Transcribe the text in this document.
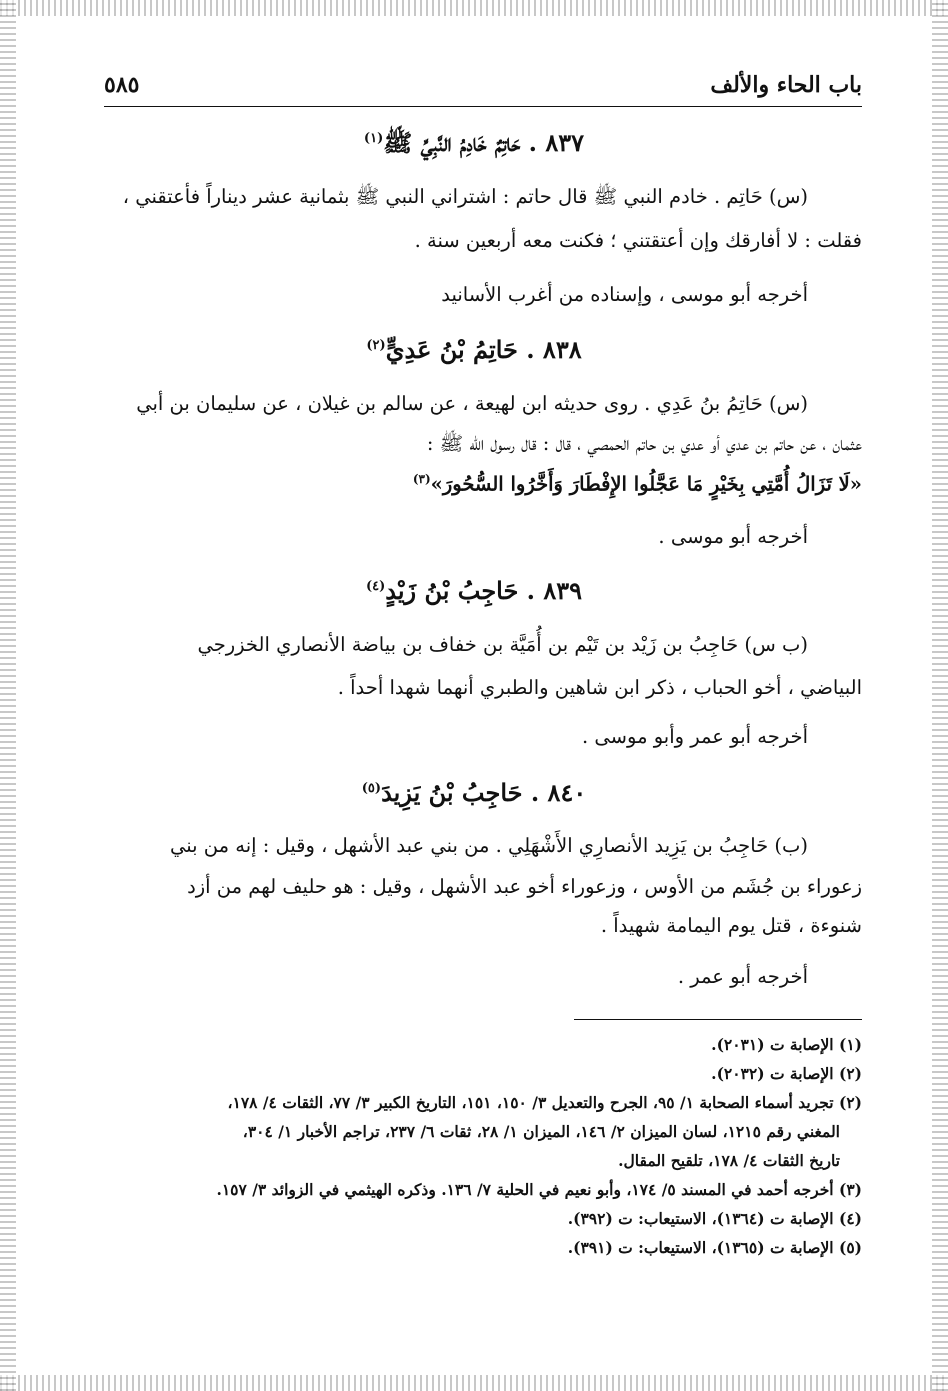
باب الحاء والألف
٥٨٥
٨٣٧ . حَاتِمٌ خَادِمُ النَّبِيِّ ﷺ$^{(١)}$
(س) حَاتِم . خادم النبي ﷺ قال حاتم : اشتراني النبي ﷺ بثمانية عشر ديناراً فأعتقني ،
فقلت : لا أفارقك وإن أعتقتني ؛ فكنت معه أربعين سنة .
أخرجه أبو موسى ، وإسناده من أغرب الأسانيد
٨٣٨ . حَاتِمُ بْنُ عَدِيٍّ$^{(٢)}$
(س) حَاتِمُ بنُ عَدِي . روى حديثه ابن لهيعة ، عن سالم بن غيلان ، عن سليمان بن أبي
عثمان ، عن حاتم بن عدي أو عدي بن حاتم الحمصي ، قال : قال رسول الله ﷺ :
«لَا تَزَالُ أُمَّتِي بِخَيْرٍ مَا عَجَّلُوا الإِفْطَارَ وَأَخَّرُوا السُّحُورَ»$^{(٣)}$
أخرجه أبو موسى .
٨٣٩ . حَاجِبُ بْنُ زَيْدٍ$^{(٤)}$
(ب س) حَاجِبُ بن زَيْد بن تَيْم بن أُمَيَّة بن خفاف بن بياضة الأنصاري الخزرجي
البياضي ، أخو الحباب ، ذكر ابن شاهين والطبري أنهما شهدا أحداً .
أخرجه أبو عمر وأبو موسى .
٨٤٠ . حَاجِبُ بْنُ يَزِيدَ$^{(٥)}$
(ب) حَاجِبُ بن يَزِيد الأنصارِي الأَشْهَلِي . من بني عبد الأشهل ، وقيل : إنه من بني
زعوراء بن جُشَم من الأوس ، وزعوراء أخو عبد الأشهل ، وقيل : هو حليف لهم من أزد
شنوءة ، قتل يوم اليمامة شهيداً .
أخرجه أبو عمر .

(١) الإصابة ت (٢٠٣١).

(٢) الإصابة ت (٢٠٣٢).

(٢) تجريد أسماء الصحابة ١/ ٩٥، الجرح والتعديل ٣/ ١٥٠، ١٥١، التاريخ الكبير ٣/ ٧٧، الثقات ٤/ ١٧٨،

المغني رقم ١٢١٥، لسان الميزان ٢/ ١٤٦، الميزان ١/ ٢٨، ثقات ٦/ ٢٣٧، تراجم الأخبار ١/ ٣٠٤،

تاريخ الثقات ٤/ ١٧٨، تلقيح المقال.

(٣) أخرجه أحمد في المسند ٥/ ١٧٤، وأبو نعيم في الحلية ٧/ ١٣٦. وذكره الهيثمي في الزوائد ٣/ ١٥٧.

(٤) الإصابة ت (١٣٦٤)، الاستيعاب: ت (٣٩٢).

(٥) الإصابة ت (١٣٦٥)، الاستيعاب: ت (٣٩١).
